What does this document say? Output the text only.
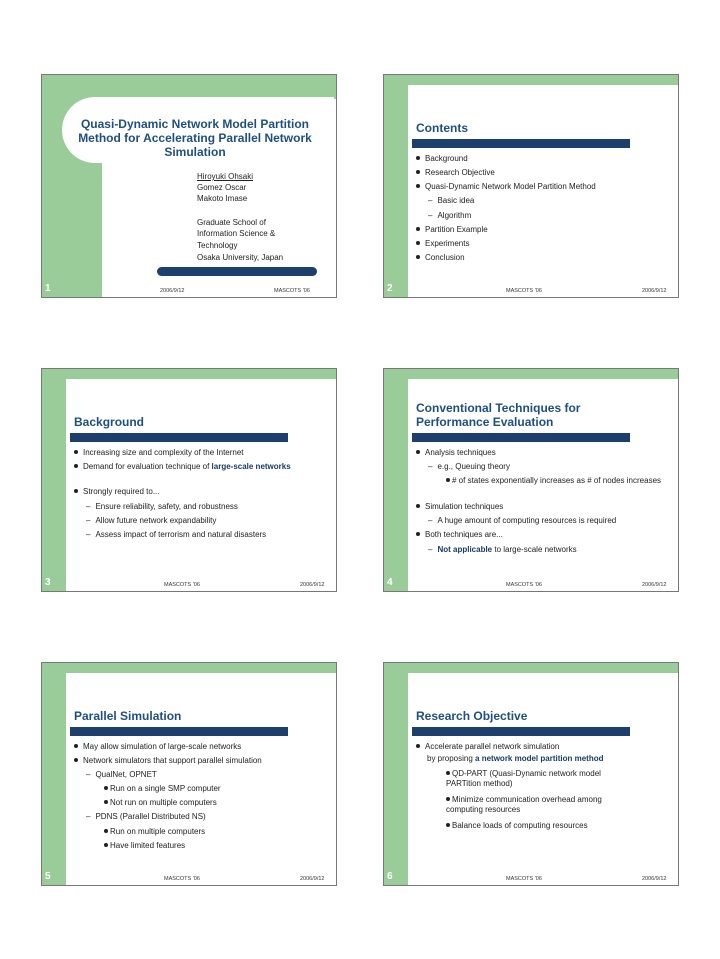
Quasi-Dynamic Network Model Partition Method for Accelerating Parallel Network Simulation
Hiroyuki Ohsaki
Gomez Oscar
Makoto Imase
Graduate School of
Information Science &
Technology
Osaka University, Japan
1	2006/9/12	MASCOTS '06
Contents
Background
Research Objective
Quasi-Dynamic Network Model Partition Method
– Basic idea
– Algorithm
Partition Example
Experiments
Conclusion
2	MASCOTS '06	2006/9/12
Background
Increasing size and complexity of the Internet
Demand for evaluation technique of large-scale networks
Strongly required to...
– Ensure reliability, safety, and robustness
– Allow future network expandability
– Assess impact of terrorism and natural disasters
3	MASCOTS '06	2006/9/12
Conventional Techniques for Performance Evaluation
Analysis techniques
– e.g., Queuing theory
# of states exponentially increases as # of nodes increases
Simulation techniques
– A huge amount of computing resources is required
Both techniques are...
– Not applicable to large-scale networks
4	MASCOTS '06	2006/9/12
Parallel Simulation
May allow simulation of large-scale networks
Network simulators that support parallel simulation
– QualNet, OPNET
Run on a single SMP computer
Not run on multiple computers
– PDNS (Parallel Distributed NS)
Run on multiple computers
Have limited features
5	MASCOTS '06	2006/9/12
Research Objective
Accelerate parallel network simulation
by proposing a network model partition method
QD-PART (Quasi-Dynamic network model PARTition method)
Minimize communication overhead among computing resources
Balance loads of computing resources
6	MASCOTS '06	2006/9/12
